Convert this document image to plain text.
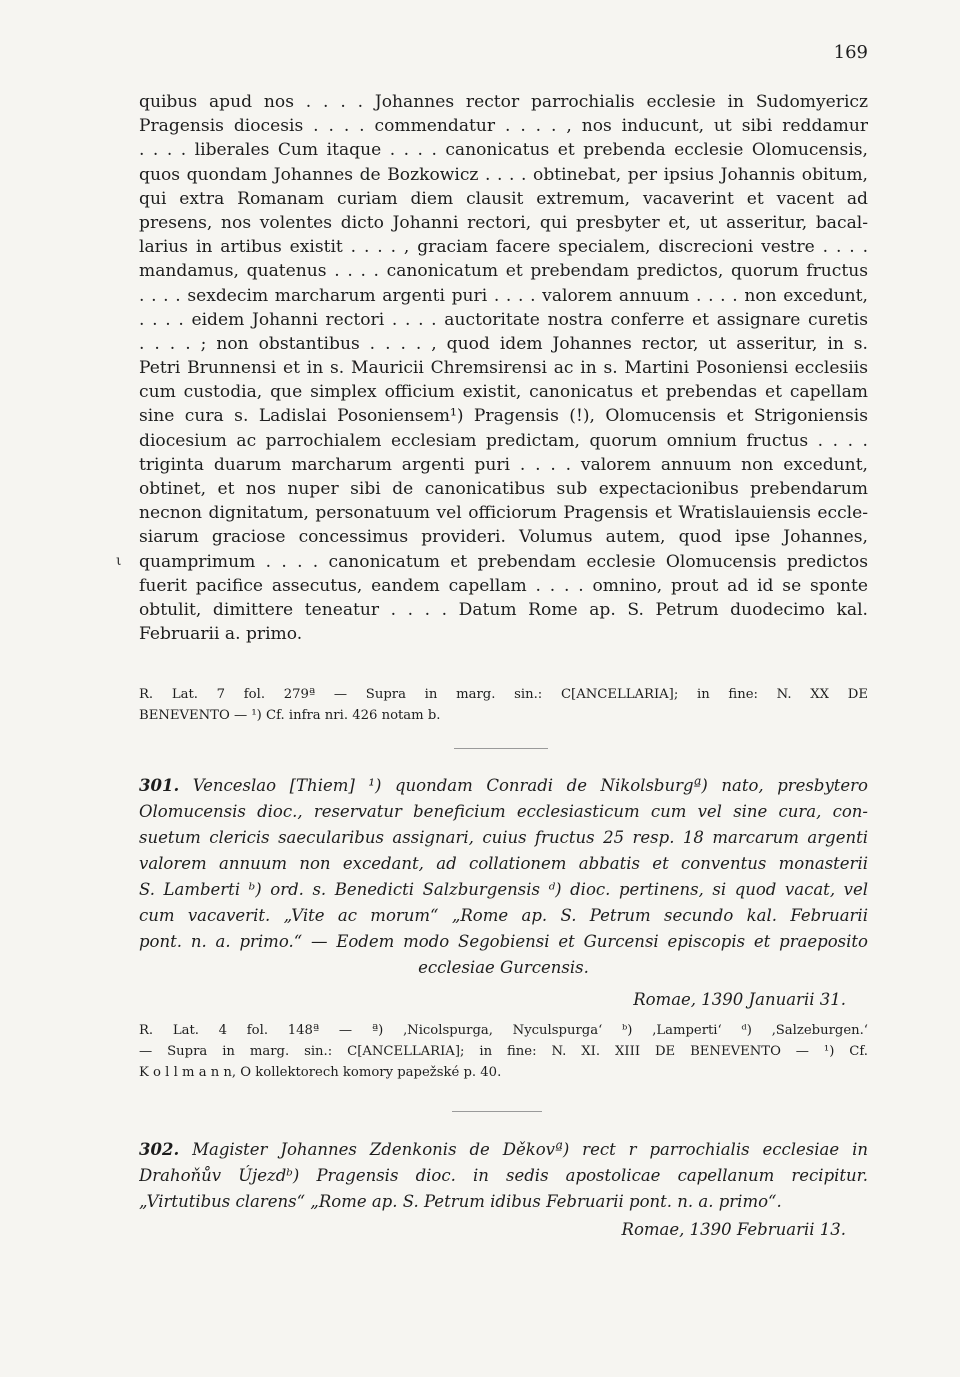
169
quibus apud nos . . . . Johannes rector parrochialis ecclesie in Sudomyericz
Pragensis diocesis . . . . commendatur . . . . , nos inducunt, ut sibi reddamur
. . . . liberales Cum itaque . . . . canonicatus et prebenda ecclesie Olomucensis,
quos quondam Johannes de Bozkowicz . . . . obtinebat, per ipsius Johannis obitum,
qui extra Romanam curiam diem clausit extremum, vacaverint et vacent ad
presens, nos volentes dicto Johanni rectori, qui presbyter et, ut asseritur, bacal-
larius in artibus existit . . . . , graciam facere specialem, discrecioni vestre . . . .
mandamus, quatenus . . . . canonicatum et prebendam predictos, quorum fructus
. . . . sexdecim marcharum argenti puri . . . . valorem annuum . . . . non excedunt,
. . . . eidem Johanni rectori . . . . auctoritate nostra conferre et assignare curetis
. . . . ; non obstantibus . . . . , quod idem Johannes rector, ut asseritur, in s.
Petri Brunnensi et in s. Mauricii Chremsirensi ac in s. Martini Posoniensi ecclesiis
cum custodia, que simplex officium existit, canonicatus et prebendas et capellam
sine cura s. Ladislai Posoniensem¹) Pragensis (!), Olomucensis et Strigoniensis
diocesium ac parrochialem ecclesiam predictam, quorum omnium fructus . . . .
triginta duarum marcharum argenti puri . . . . valorem annuum non excedunt,
obtinet, et nos nuper sibi de canonicatibus sub expectacionibus prebendarum
necnon dignitatum, personatuum vel officiorum Pragensis et Wratislauiensis eccle-
siarum graciose concessimus provideri. Volumus autem, quod ipse Johannes,
quamprimum . . . . canonicatum et prebendam ecclesie Olomucensis predictos
fuerit pacifice assecutus, eandem capellam . . . . omnino, prout ad id se sponte
obtulit, dimittere teneatur . . . . Datum Rome ap. S. Petrum duodecimo kal.
Februarii a. primo.
ι
R. Lat. 7 fol. 279ª — Supra in marg. sin.: C[ANCELLARIA]; in fine: N. XX DE
BENEVENTO — ¹) Cf. infra nri. 426 notam b.
301. Venceslao [Thiem] ¹) quondam Conradi de Nikolsburgª) nato, presbytero
Olomucensis dioc., reservatur beneficium ecclesiasticum cum vel sine cura, con-
suetum clericis saecularibus assignari, cuius fructus 25 resp. 18 marcarum argenti
valorem annuum non excedant, ad collationem abbatis et conventus monasterii
S. Lamberti ᵇ) ord. s. Benedicti Salzburgensis ᵈ) dioc. pertinens, si quod vacat, vel
cum vacaverit. „Vite ac morum“ „Rome ap. S. Petrum secundo kal. Februarii
pont. n. a. primo.“ — Eodem modo Segobiensi et Gurcensi episcopis et praeposito
ecclesiae Gurcensis.
Romae, 1390 Januarii 31.
R. Lat. 4 fol. 148ª — ª) ‚Nicolspurga, Nyculspurga‘ ᵇ) ‚Lamperti‘ ᵈ) ‚Salzeburgen.‘
— Supra in marg. sin.: C[ANCELLARIA]; in fine: N. XI. XIII DE BENEVENTO — ¹) Cf.
K o l l m a n n, O kollektorech komory papežské p. 40.
302. Magister Johannes Zdenkonis de Děkovª) rect r parrochialis ecclesiae in
Drahoňův Újezdᵇ) Pragensis dioc. in sedis apostolicae capellanum recipitur.
„Virtutibus clarens“ „Rome ap. S. Petrum idibus Februarii pont. n. a. primo“.
Romae, 1390 Februarii 13.
